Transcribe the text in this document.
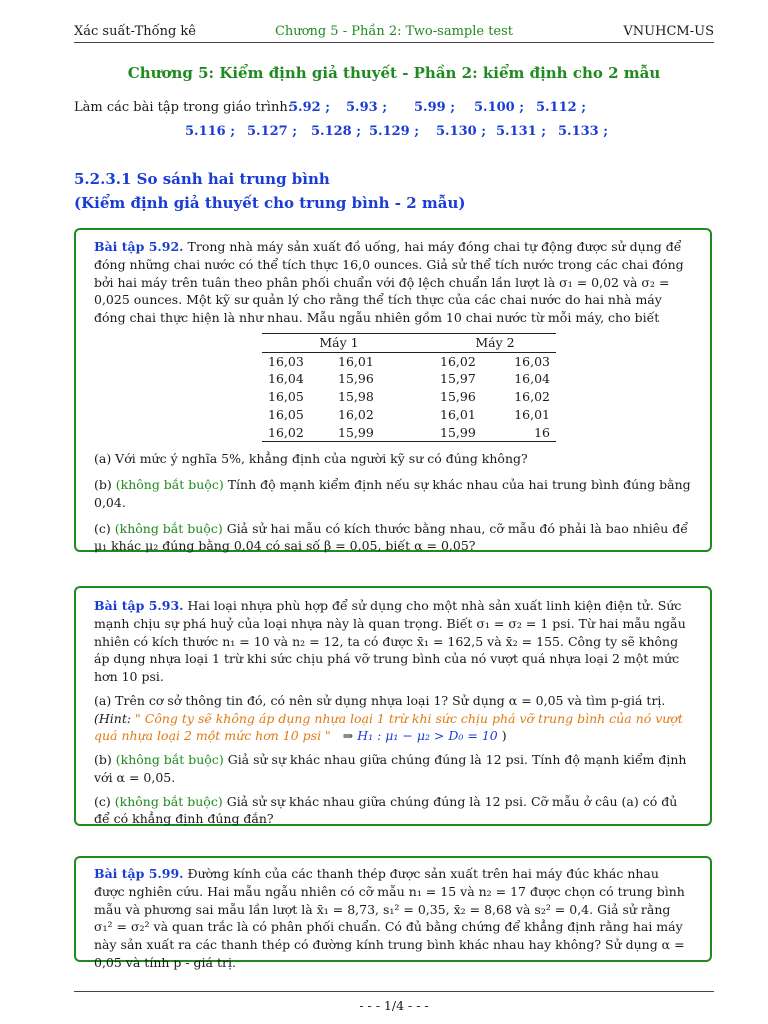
Xác suất-Thống kê	Chương 5 - Phần 2: Two-sample test	VNUHCM-US
Chương 5: Kiểm định giả thuyết - Phần 2: kiểm định cho 2 mẫu
Làm các bài tập trong giáo trình:
5.92 ; 5.93 ; 5.99 ; 5.100 ; 5.112 ;
5.116 ; 5.127 ; 5.128 ; 5.129 ; 5.130 ; 5.131 ; 5.133 ;
5.2.3.1 So sánh hai trung bình
(Kiểm định giả thuyết cho trung bình - 2 mẫu)

Bài tập 5.92. Trong nhà máy sản xuất đồ uống, hai máy đóng chai tự động được sử dụng để đóng những chai nước có thể tích thực 16,0 ounces. Giả sử thể tích nước trong các chai đóng bởi hai máy trên tuân theo phân phối chuẩn với độ lệch chuẩn lần lượt là σ₁ = 0,02 và σ₂ = 0,025 ounces. Một kỹ sư quản lý cho rằng thể tích thực của các chai nước do hai nhà máy đóng chai thực hiện là như nhau. Mẫu ngẫu nhiên gồm 10 chai nước từ mỗi máy, cho biết

Máy 1		Máy 2	
16,03	16,01	16,02	16,03
16,04	15,96	15,97	16,04
16,05	15,98	15,96	16,02
16,05	16,02	16,01	16,01
16,02	15,99	15,99	16

(a) Với mức ý nghĩa 5%, khẳng định của người kỹ sư có đúng không?

(b) (không bắt buộc) Tính độ mạnh kiểm định nếu sự khác nhau của hai trung bình đúng bằng 0,04.

(c) (không bắt buộc) Giả sử hai mẫu có kích thước bằng nhau, cỡ mẫu đó phải là bao nhiêu để μ₁ khác μ₂ đúng bằng 0,04 có sai số β = 0,05, biết α = 0,05?

Bài tập 5.93. Hai loại nhựa phù hợp để sử dụng cho một nhà sản xuất linh kiện điện tử. Sức mạnh chịu sự phá huỷ của loại nhựa này là quan trọng. Biết σ₁ = σ₂ = 1 psi. Từ hai mẫu ngẫu nhiên có kích thước n₁ = 10 và n₂ = 12, ta có được x̄₁ = 162,5 và x̄₂ = 155. Công ty sẽ không áp dụng nhựa loại 1 trừ khi sức chịu phá vỡ trung bình của nó vượt quá nhựa loại 2 một mức hơn 10 psi.

(a) Trên cơ sở thông tin đó, có nên sử dụng nhựa loại 1? Sử dụng α = 0,05 và tìm p-giá trị.

(Hint: " Công ty sẽ không áp dụng nhựa loại 1 trừ khi sức chịu phá vỡ trung bình của nó vượt quá nhựa loại 2 một mức hơn 10 psi " ⇒ H₁ : μ₁ − μ₂ > D₀ = 10 )

(b) (không bắt buộc) Giả sử sự khác nhau giữa chúng đúng là 12 psi. Tính độ mạnh kiểm định với α = 0,05.

(c) (không bắt buộc) Giả sử sự khác nhau giữa chúng đúng là 12 psi. Cỡ mẫu ở câu (a) có đủ để có khẳng định đúng đắn?

Bài tập 5.99. Đường kính của các thanh thép được sản xuất trên hai máy đúc khác nhau được nghiên cứu. Hai mẫu ngẫu nhiên có cỡ mẫu n₁ = 15 và n₂ = 17 được chọn có trung bình mẫu và phương sai mẫu lần lượt là x̄₁ = 8,73, s₁² = 0,35, x̄₂ = 8,68 và s₂² = 0,4. Giả sử rằng σ₁² = σ₂² và quan trắc là có phân phối chuẩn. Có đủ bằng chứng để khẳng định rằng hai máy này sản xuất ra các thanh thép có đường kính trung bình khác nhau hay không? Sử dụng α = 0,05 và tính p - giá trị.

- - - 1/4 - - -
